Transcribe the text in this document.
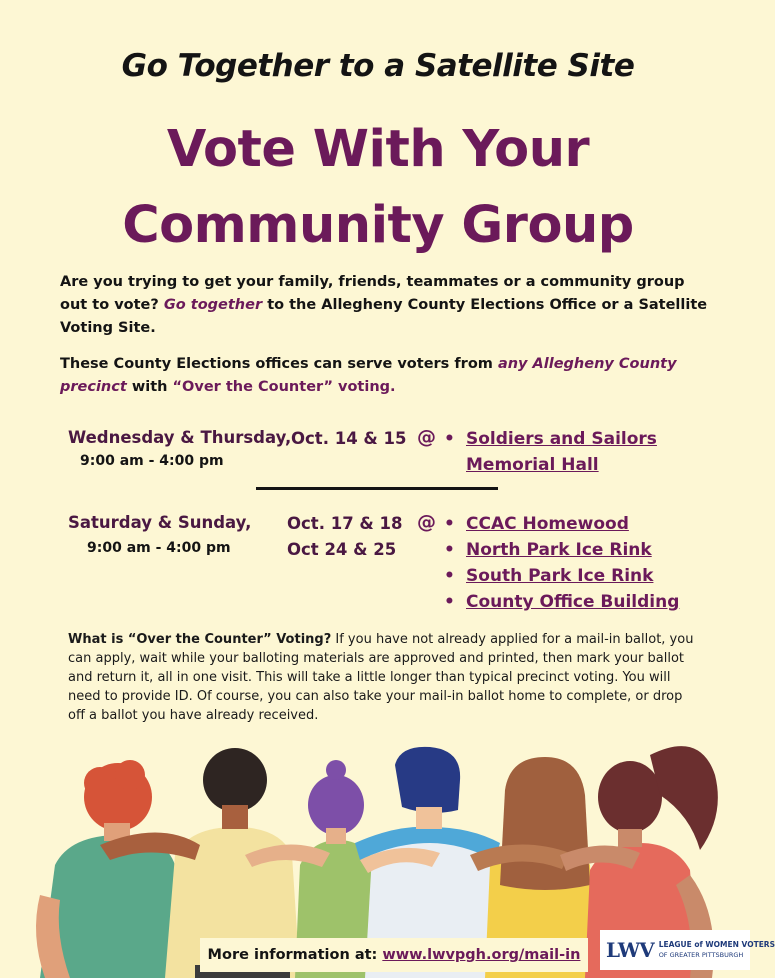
Go Together to a Satellite Site
Vote With Your
Community Group
Are you trying to get your family, friends, teammates or a community group out to vote? Go together to the Allegheny County Elections Office or a Satellite Voting Site.
These County Elections offices can serve voters from any Allegheny County precinct with “Over the Counter” voting.
Wednesday & Thursday,
9:00 am - 4:00 pm
Oct. 14 & 15 @ • Soldiers and Sailors Memorial Hall
Saturday & Sunday,
9:00 am - 4:00 pm
Oct. 17 & 18
Oct 24 & 25
@ • CCAC Homewood
• North Park Ice Rink
• South Park Ice Rink
• County Office Building
What is “Over the Counter” Voting? If you have not already applied for a mail-in ballot, you can apply, wait while your balloting materials are approved and printed, then mark your ballot and return it, all in one visit. This will take a little longer than typical precinct voting. You will need to provide ID. Of course, you can also take your mail-in ballot home to complete, or drop off a ballot you have already received.
More information at: www.lwvpgh.org/mail-in LWV LEAGUE of WOMEN VOTERS
OF GREATER PITTSBURGH
